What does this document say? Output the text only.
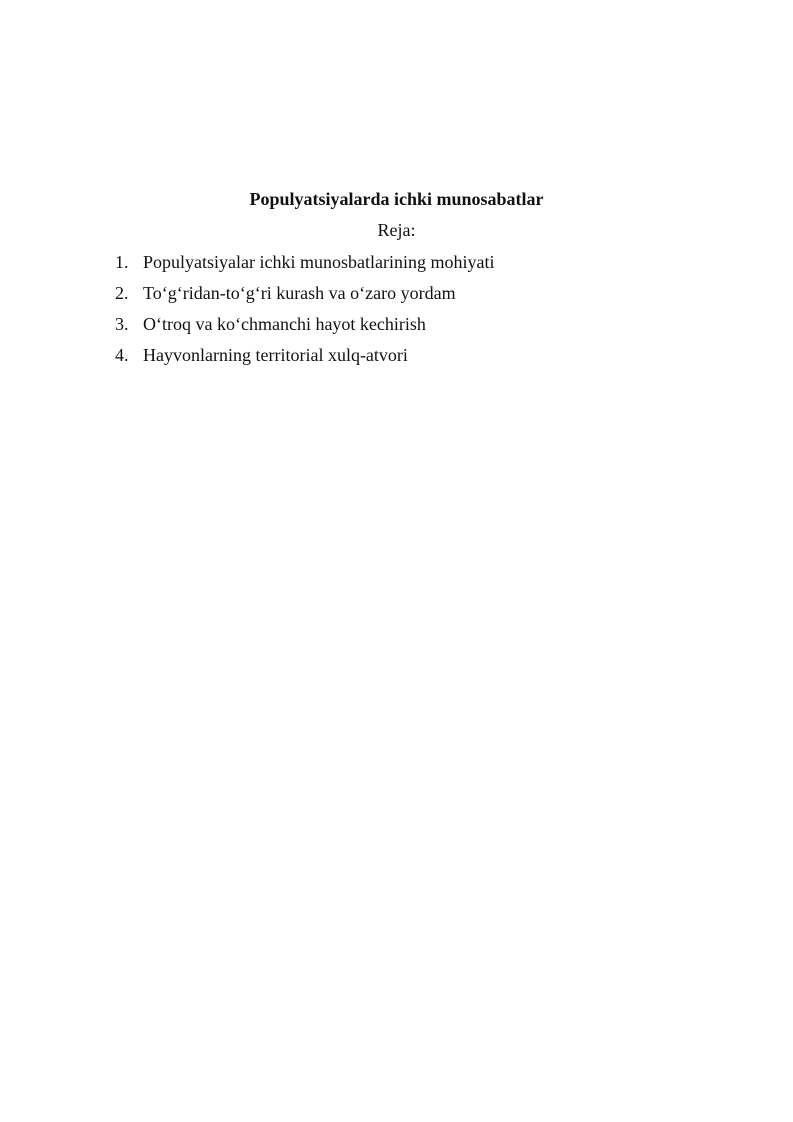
Populyatsiyalarda ichki munosabatlar
Reja:
1. Populyatsiyalar ichki munosbatlarining mohiyati
2. To‘g‘ridan-to‘g‘ri kurash va o‘zaro yordam
3. O‘troq va ko‘chmanchi hayot kechirish
4. Hayvonlarning territorial xulq-atvori
